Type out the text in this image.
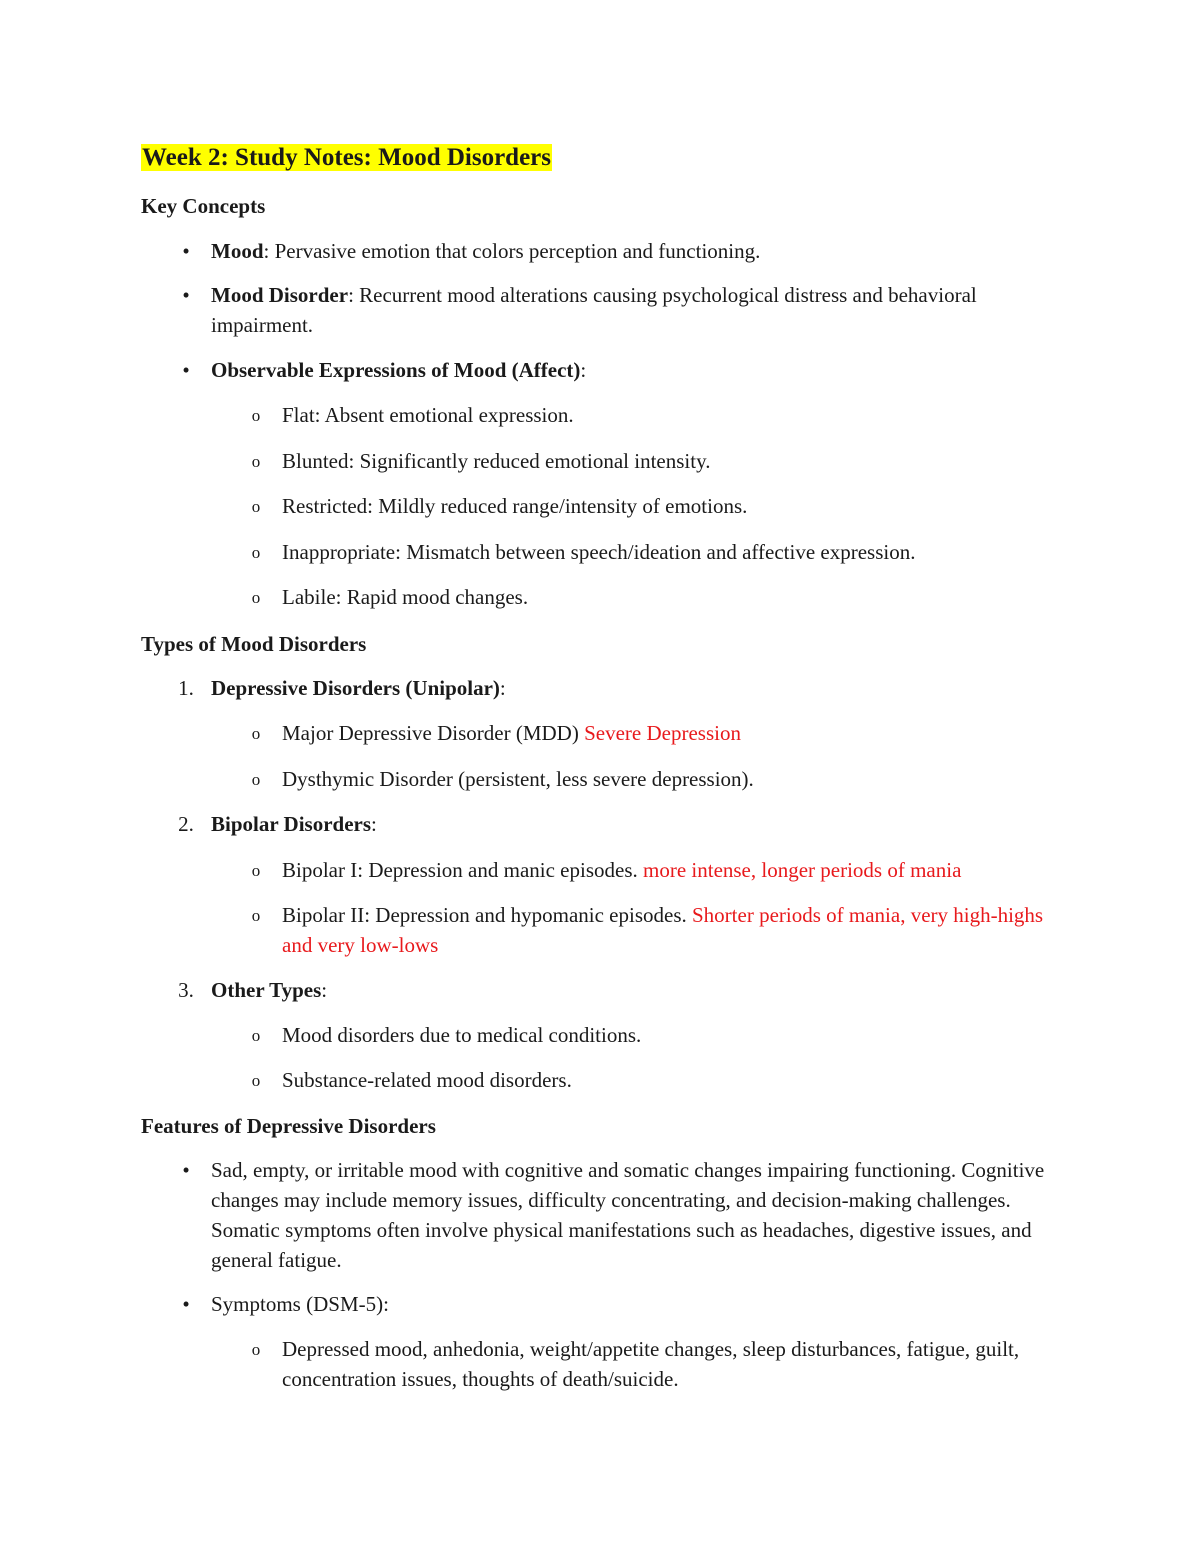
Week 2: Study Notes: Mood Disorders

Key Concepts

•	Mood: Pervasive emotion that colors perception and functioning.

•	Mood Disorder: Recurrent mood alterations causing psychological distress and behavioral impairment.

•	Observable Expressions of Mood (Affect):

o	Flat: Absent emotional expression.

o	Blunted: Significantly reduced emotional intensity.

o	Restricted: Mildly reduced range/intensity of emotions.

o	Inappropriate: Mismatch between speech/ideation and affective expression.

o	Labile: Rapid mood changes.

Types of Mood Disorders

1. Depressive Disorders (Unipolar):

o	Major Depressive Disorder (MDD) Severe Depression

o	Dysthymic Disorder (persistent, less severe depression).

2. Bipolar Disorders:

o	Bipolar I: Depression and manic episodes. more intense, longer periods of mania

o	Bipolar II: Depression and hypomanic episodes. Shorter periods of mania, very high-highs and very low-lows

3. Other Types:

o	Mood disorders due to medical conditions.

o	Substance-related mood disorders.

Features of Depressive Disorders

•	Sad, empty, or irritable mood with cognitive and somatic changes impairing functioning. Cognitive changes may include memory issues, difficulty concentrating, and decision-making challenges. Somatic symptoms often involve physical manifestations such as headaches, digestive issues, and general fatigue.

•	Symptoms (DSM-5):

o	Depressed mood, anhedonia, weight/appetite changes, sleep disturbances, fatigue, guilt, concentration issues, thoughts of death/suicide.
